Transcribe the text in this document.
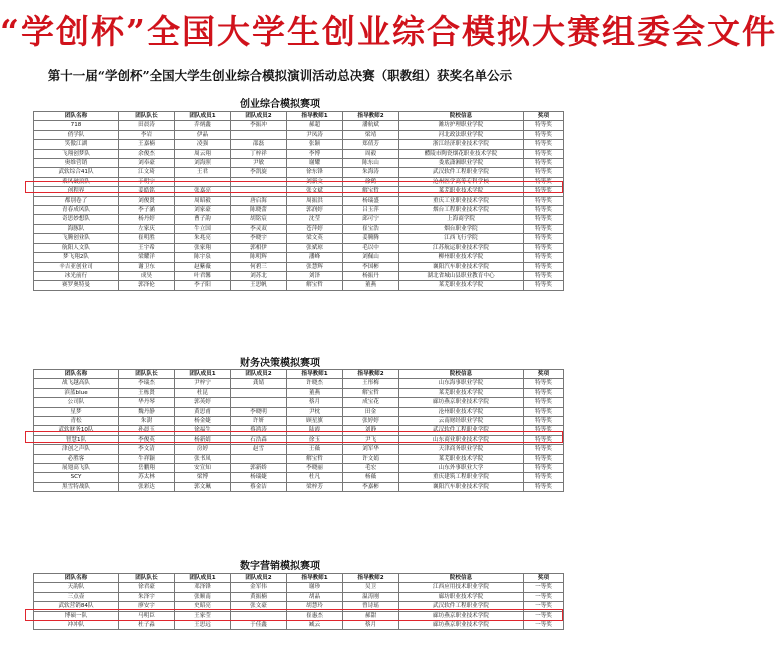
“学创杯”全国大学生创业综合模拟大赛组委会文件
第十一届“学创杯”全国大学生创业综合模拟演训活动总决赛（职教组）获奖名单公示
创业综合模拟赛项
团队名称	团队队长	团队成员1	团队成员2	指导教师1	指导教师2	院校信息	奖项
718	田晨涛	乔炳鑫	李振冲	郝超	潘航斌	潍坊护理职业学院	特等奖
俏学队	李岩	伊晶		尹凤涛	梁靖	河北政法职业学院	特等奖
笑傲江湖	王嘉楠	凌强	邵磊	张颖	郑倩芳	浙江经济职业技术学院	特等奖
飞翔创梦队	余俊杰	周云翔	丁梓祥	李博	周毅	醴陵市陶瓷烟花职业技术学院	特等奖
奥维营销	刘奉豪	刘海照	尹敏	谢耀	陈东山	娄底潇湘职业学院	特等奖
武软综合41队	江文琦	王君	李凯旋	徐东锋	朱海涛	武汉软件工程职业学院	特等奖
乘风破浪队	于明宁			刘新文	徐鹤	沧州医学高等专科学校	特等奖
创程界	姜皓铭	张嘉亮		张文斌	解宝哲	莱芜职业技术学院	特等奖
都别卷了	刘俊贤	周昭毅	唐启海	周振洪	杨瑞盛	重庆工业职业技术学院	特等奖
青春成风队	李子涵	刘家豪	陈晓蕾	郭润婷	吕玉萍	烟台工程职业技术学院	特等奖
奇思妙想队	杨丹婷	曹子韵	胡铭宸	沈莹	邱可宁	上海商学院	特等奖
海豚队	左家庆	牛立国	李灵双	苍萍婷	崔宝浩	烟台职业学院	特等奖
飞腾创业队	崔明胜	朱兆亮	李晓宇	梁文英	姜腾腾	江西飞行学院	特等奖
航阳人文队	王宇希	张家翔	郭相伊	张斌琼	毛以中	江苏航运职业技术学院	特等奖
梦飞翔2队	梁耀洋	陈宇泉	陈明辉	潘峰	刘佩山	柳州职业技术学院	特等奖
辛吉亚创业司	谢卫东	赵紫薇	何碧三	张慧辉	李国彬	襄阳汽车职业技术学院	特等奖
冰光前行	成昊	叶君馨	刘苏北	刘泽	杨振丹	湖北省城山县职业教育中心	特等奖
赛罗奥特曼	郭泽伦	李子阳	王思帆	解宝哲	董燕	莱芜职业技术学院	特等奖
财务决策模拟赛项
团队名称	团队队长	团队成员1	团队成员2	指导教师1	指导教师2	院校信息	奖项
战飞越高队	李瑞杰	尹梓宁	龚婧	许晓杰	王彤梅	山东海事职业学院	特等奖
滨蓝blue	王栋贤	杜昆		董燕	解宝哲	莱芜职业技术学院	特等奖
公司队	华丹琴	郭英婷		蔡月	成宝花	廊坊燕京职业技术学院	特等奖
星梦	魏丹静	黄思甫	李晓明	尹枕	田金	沧州职业技术学院	特等奖
青松	朱澍	杨金婕	许妍	顾星旗	张婷婷	云南财经职业学院	特等奖
武软财务10队	孙晨玉	徐福生	蔡鸿涛	陆霞	刘静	武汉软件工程职业学院	特等奖
智慧1队	李俊英	杨新婧	石浩森	徐玉	尹飞	山东商业职业技术学院	特等奖
津创之声队	李文清	房婷	赵雪	王薇	刘军华	天津商务职业学院	特等奖
必胜客	牛祥颖	张书凤		解宝哲	许文娟	莱芜职业技术学院	特等奖
展翅高飞队	岳鹏翔	安宣知	郭新娇	李晓丽	毛宏	山东外事职业大学	特等奖
SCY	苏太林	梁博	杨瑞婕	杜凡	杨薇	重庆建筑工程职业学院	特等奖
黑雪特战队	张彩达	郭文珮	蔡金洁	梁梓芳	李嘉彬	襄阳汽车职业技术学院	特等奖
数字营销模拟赛项
团队名称	团队队长	团队成员1	团队成员2	指导教师1	指导教师2	院校信息	奖项
天韵队	徐君豪	邓泽锋	金军伟	谢珍	吴卫	江西应用技术职业学院	一等奖
三点壶	朱泽宇	张顺南	黄振楠	胡晶	温涛刚	廊坊职业技术学院	一等奖
武软营销84队	廖安宇	史昭亮	张文豪	胡慧玲	曾诗瑶	武汉软件工程职业学院	一等奖
博硕一队	马明臣	王家莹		崔惠杰	郝甜	廊坊燕京职业技术学院	一等奖
冲冲队	杜子淼	王思远	于佳鑫	臧云	蔡月	廊坊燕京职业技术学院	一等奖
